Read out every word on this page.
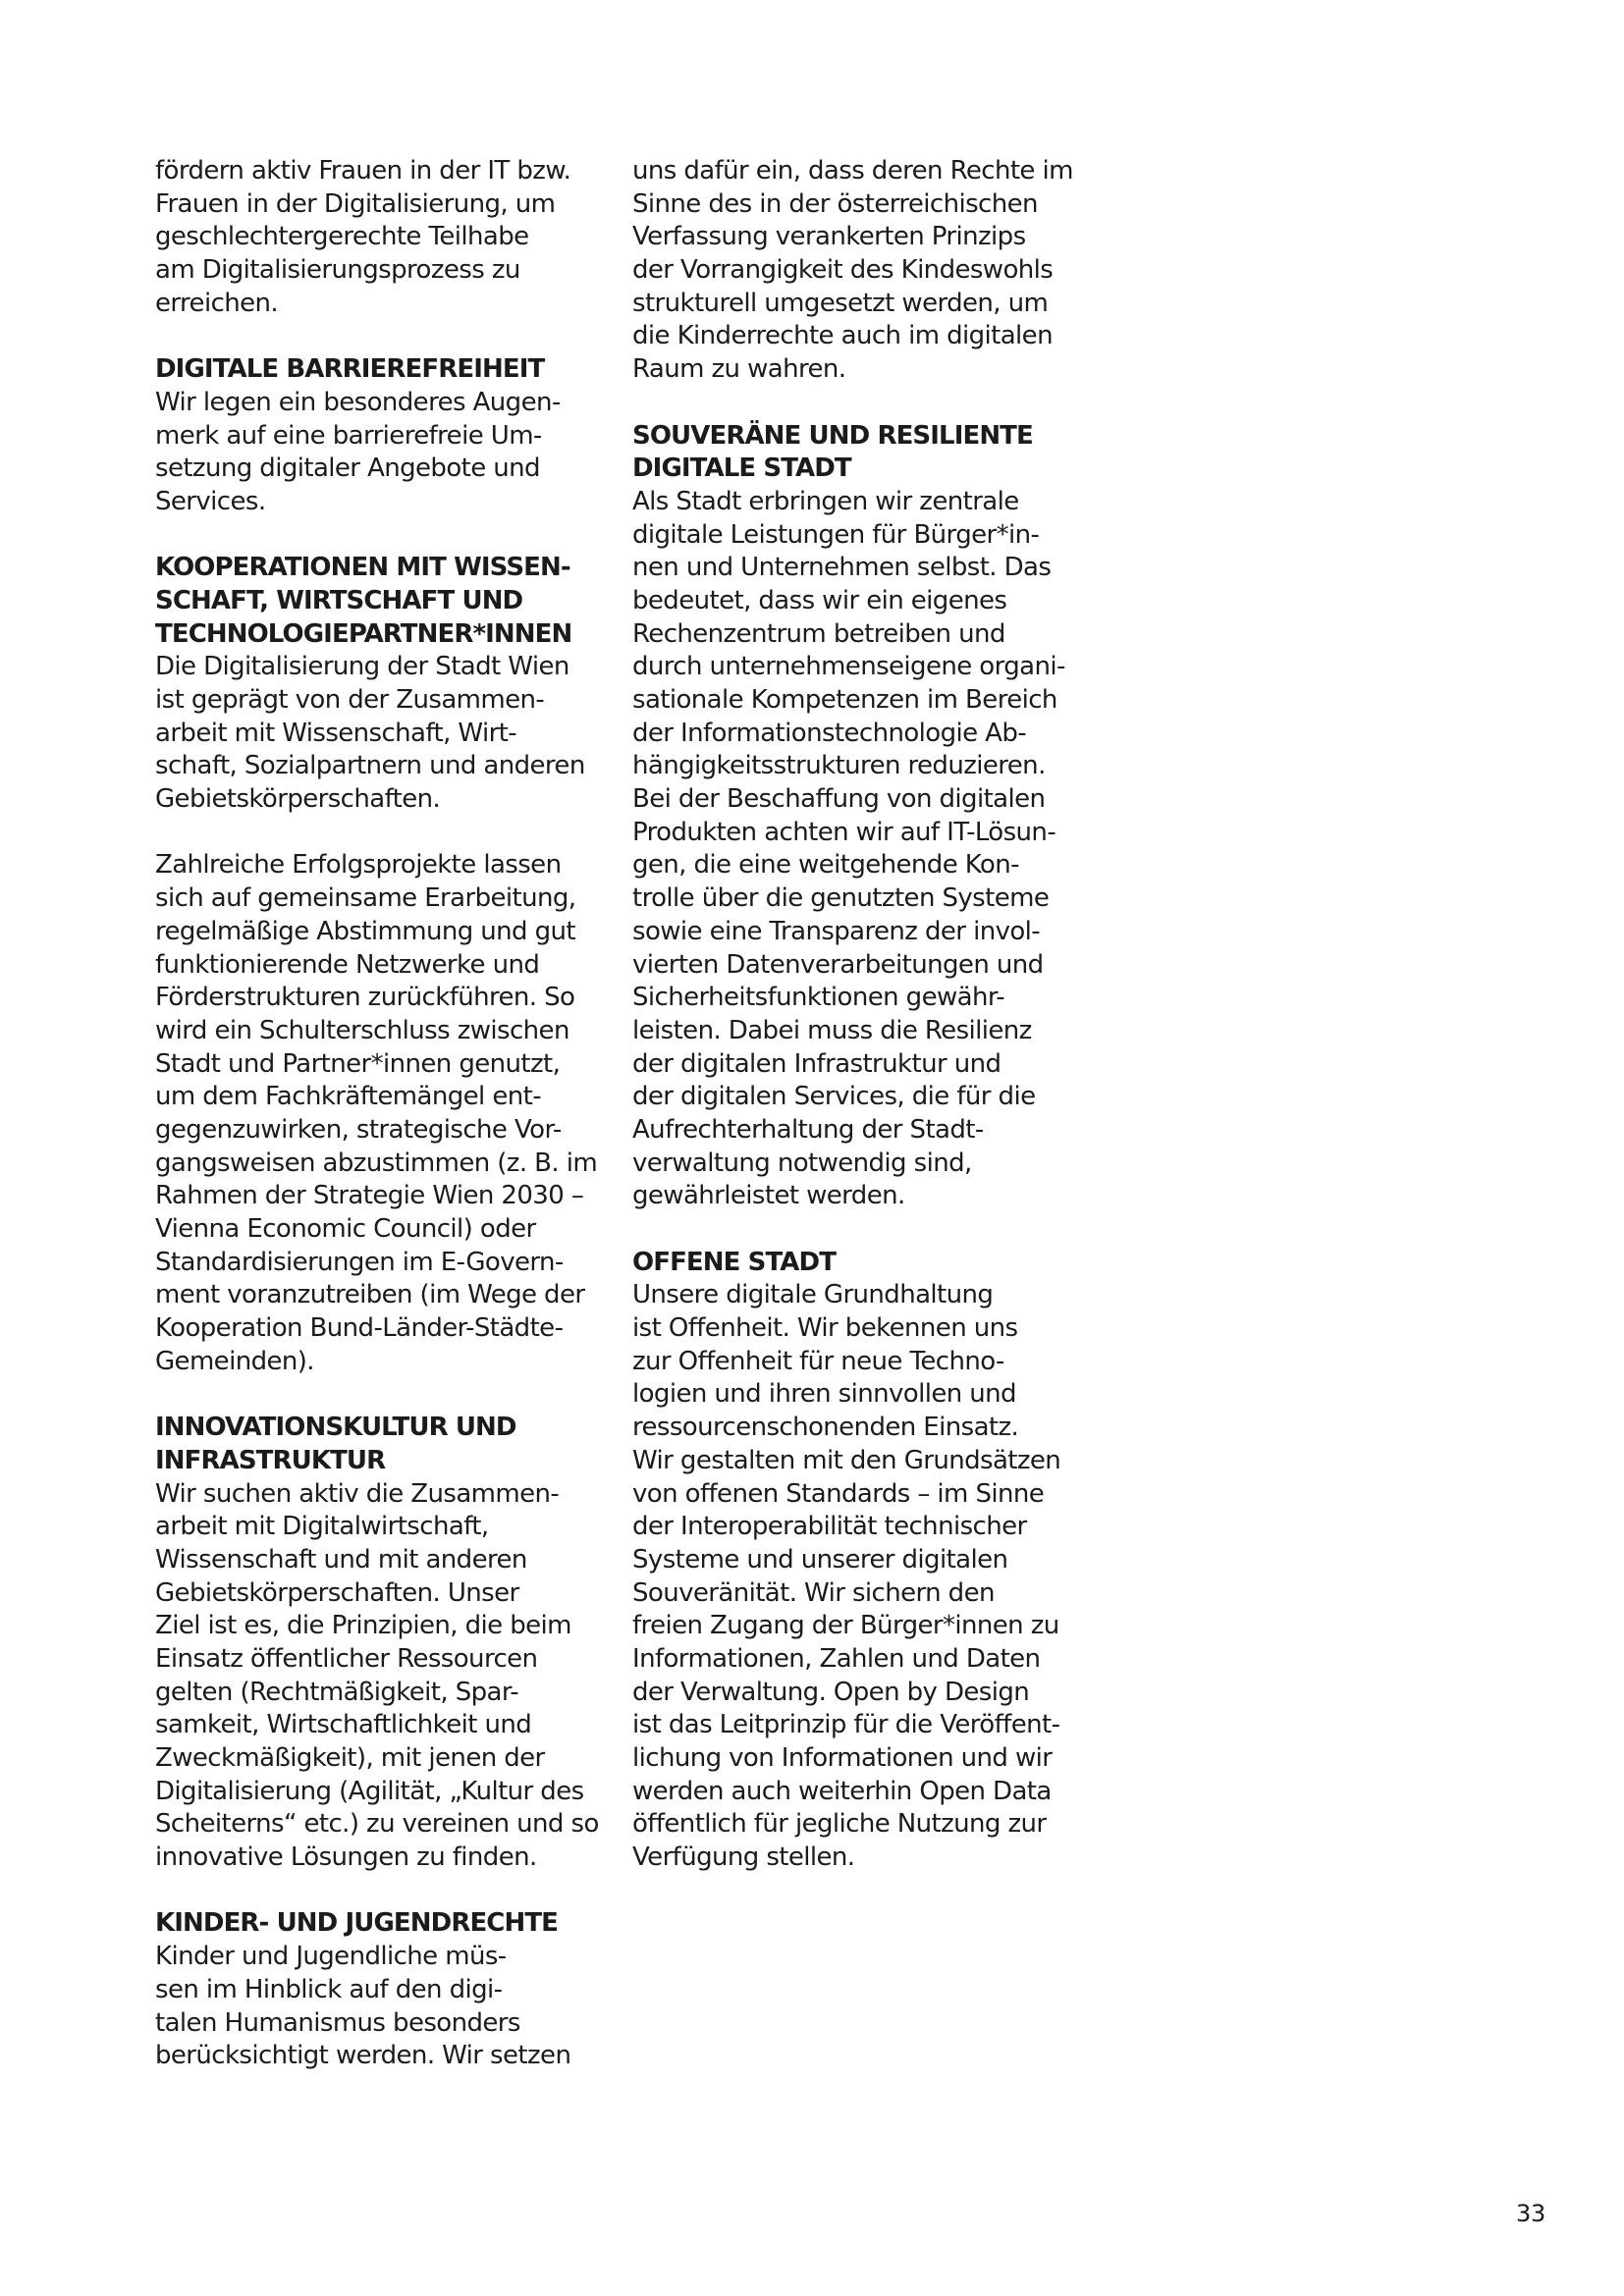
fördern aktiv Frauen in der IT bzw.
Frauen in der Digitalisierung, um
geschlechtergerechte Teilhabe
am Digitalisierungsprozess zu
erreichen.
DIGITALE BARRIEREFREIHEIT
Wir legen ein besonderes Augen-
merk auf eine barrierefreie Um-
setzung digitaler Angebote und
Services.
KOOPERATIONEN MIT WISSEN-
SCHAFT, WIRTSCHAFT UND
TECHNOLOGIEPARTNER*INNEN
Die Digitalisierung der Stadt Wien
ist geprägt von der Zusammen-
arbeit mit Wissenschaft, Wirt-
schaft, Sozialpartnern und anderen
Gebietskörperschaften.
Zahlreiche Erfolgsprojekte lassen
sich auf gemeinsame Erarbeitung,
regelmäßige Abstimmung und gut
funktionierende Netzwerke und
Förderstrukturen zurückführen. So
wird ein Schulterschluss zwischen
Stadt und Partner*innen genutzt,
um dem Fachkräftemängel ent-
gegenzuwirken, strategische Vor-
gangsweisen abzustimmen (z. B. im
Rahmen der Strategie Wien 2030 –
Vienna Economic Council) oder
Standardisierungen im E-Govern-
ment voranzutreiben (im Wege der
Kooperation Bund-Länder-Städte-
Gemeinden).
INNOVATIONSKULTUR UND
INFRASTRUKTUR
Wir suchen aktiv die Zusammen-
arbeit mit Digitalwirtschaft,
Wissenschaft und mit anderen
Gebietskörperschaften. Unser
Ziel ist es, die Prinzipien, die beim
Einsatz öffentlicher Ressourcen
gelten (Rechtmäßigkeit, Spar-
samkeit, Wirtschaftlichkeit und
Zweckmäßigkeit), mit jenen der
Digitalisierung (Agilität, „Kultur des
Scheiterns“ etc.) zu vereinen und so
innovative Lösungen zu finden.
KINDER- UND JUGENDRECHTE
Kinder und Jugendliche müs-
sen im Hinblick auf den digi-
talen Humanismus besonders
berücksichtigt werden. Wir setzen
uns dafür ein, dass deren Rechte im
Sinne des in der österreichischen
Verfassung verankerten Prinzips
der Vorrangigkeit des Kindeswohls
strukturell umgesetzt werden, um
die Kinderrechte auch im digitalen
Raum zu wahren.
SOUVERÄNE UND RESILIENTE
DIGITALE STADT
Als Stadt erbringen wir zentrale
digitale Leistungen für Bürger*in-
nen und Unternehmen selbst. Das
bedeutet, dass wir ein eigenes
Rechenzentrum betreiben und
durch unternehmenseigene organi-
sationale Kompetenzen im Bereich
der Informationstechnologie Ab-
hängigkeitsstrukturen reduzieren.
Bei der Beschaffung von digitalen
Produkten achten wir auf IT-Lösun-
gen, die eine weitgehende Kon-
trolle über die genutzten Systeme
sowie eine Transparenz der invol-
vierten Datenverarbeitungen und
Sicherheitsfunktionen gewähr-
leisten. Dabei muss die Resilienz
der digitalen Infrastruktur und
der digitalen Services, die für die
Aufrechterhaltung der Stadt-
verwaltung notwendig sind,
gewährleistet werden.
OFFENE STADT
Unsere digitale Grundhaltung
ist Offenheit. Wir bekennen uns
zur Offenheit für neue Techno-
logien und ihren sinnvollen und
ressourcenschonenden Einsatz.
Wir gestalten mit den Grundsätzen
von offenen Standards – im Sinne
der Interoperabilität technischer
Systeme und unserer digitalen
Souveränität. Wir sichern den
freien Zugang der Bürger*innen zu
Informationen, Zahlen und Daten
der Verwaltung. Open by Design
ist das Leitprinzip für die Veröffent-
lichung von Informationen und wir
werden auch weiterhin Open Data
öffentlich für jegliche Nutzung zur
Verfügung stellen.
33
